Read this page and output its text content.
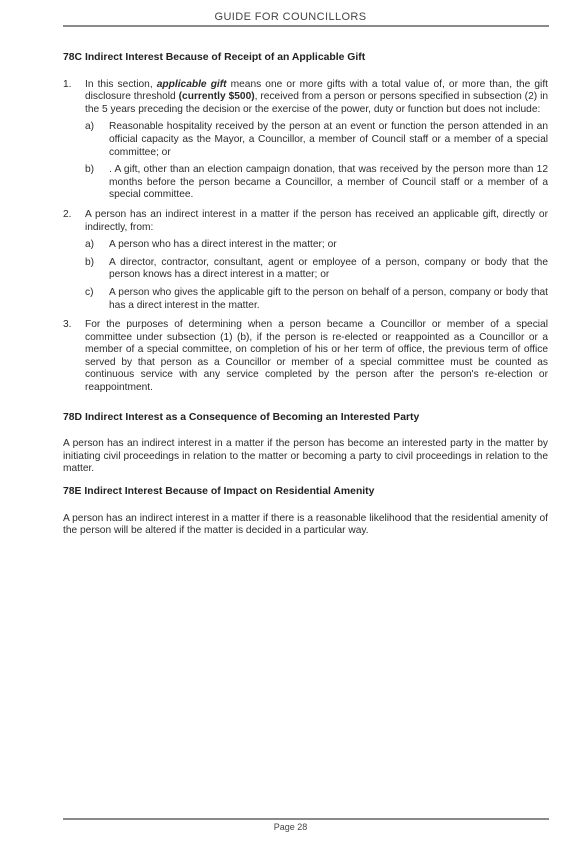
GUIDE FOR COUNCILLORS
78C Indirect Interest Because of Receipt of an Applicable Gift
1.	In this section, applicable gift means one or more gifts with a total value of, or more than, the gift disclosure threshold (currently $500), received from a person or persons specified in subsection (2) in the 5 years preceding the decision or the exercise of the power, duty or function but does not include:

a)	Reasonable hospitality received by the person at an event or function the person attended in an official capacity as the Mayor, a Councillor, a member of Council staff or a member of a special committee; or

b)	. A gift, other than an election campaign donation, that was received by the person more than 12 months before the person became a Councillor, a member of Council staff or a member of a special committee.

2.	A person has an indirect interest in a matter if the person has received an applicable gift, directly or indirectly, from:

a)	A person who has a direct interest in the matter; or

b)	A director, contractor, consultant, agent or employee of a person, company or body that the person knows has a direct interest in a matter; or

c)	A person who gives the applicable gift to the person on behalf of a person, company or body that has a direct interest in the matter.

3.	For the purposes of determining when a person became a Councillor or member of a special committee under subsection (1) (b), if the person is re-elected or reappointed as a Councillor or a member of a special committee, on completion of his or her term of office, the previous term of office served by that person as a Councillor or member of a special committee must be counted as continuous service with any service completed by the person after the person's re-election or reappointment.

78D Indirect Interest as a Consequence of Becoming an Interested Party

A person has an indirect interest in a matter if the person has become an interested party in the matter by initiating civil proceedings in relation to the matter or becoming a party to civil proceedings in relation to the matter.

78E Indirect Interest Because of Impact on Residential Amenity

A person has an indirect interest in a matter if there is a reasonable likelihood that the residential amenity of the person will be altered if the matter is decided in a particular way.

Page 28
